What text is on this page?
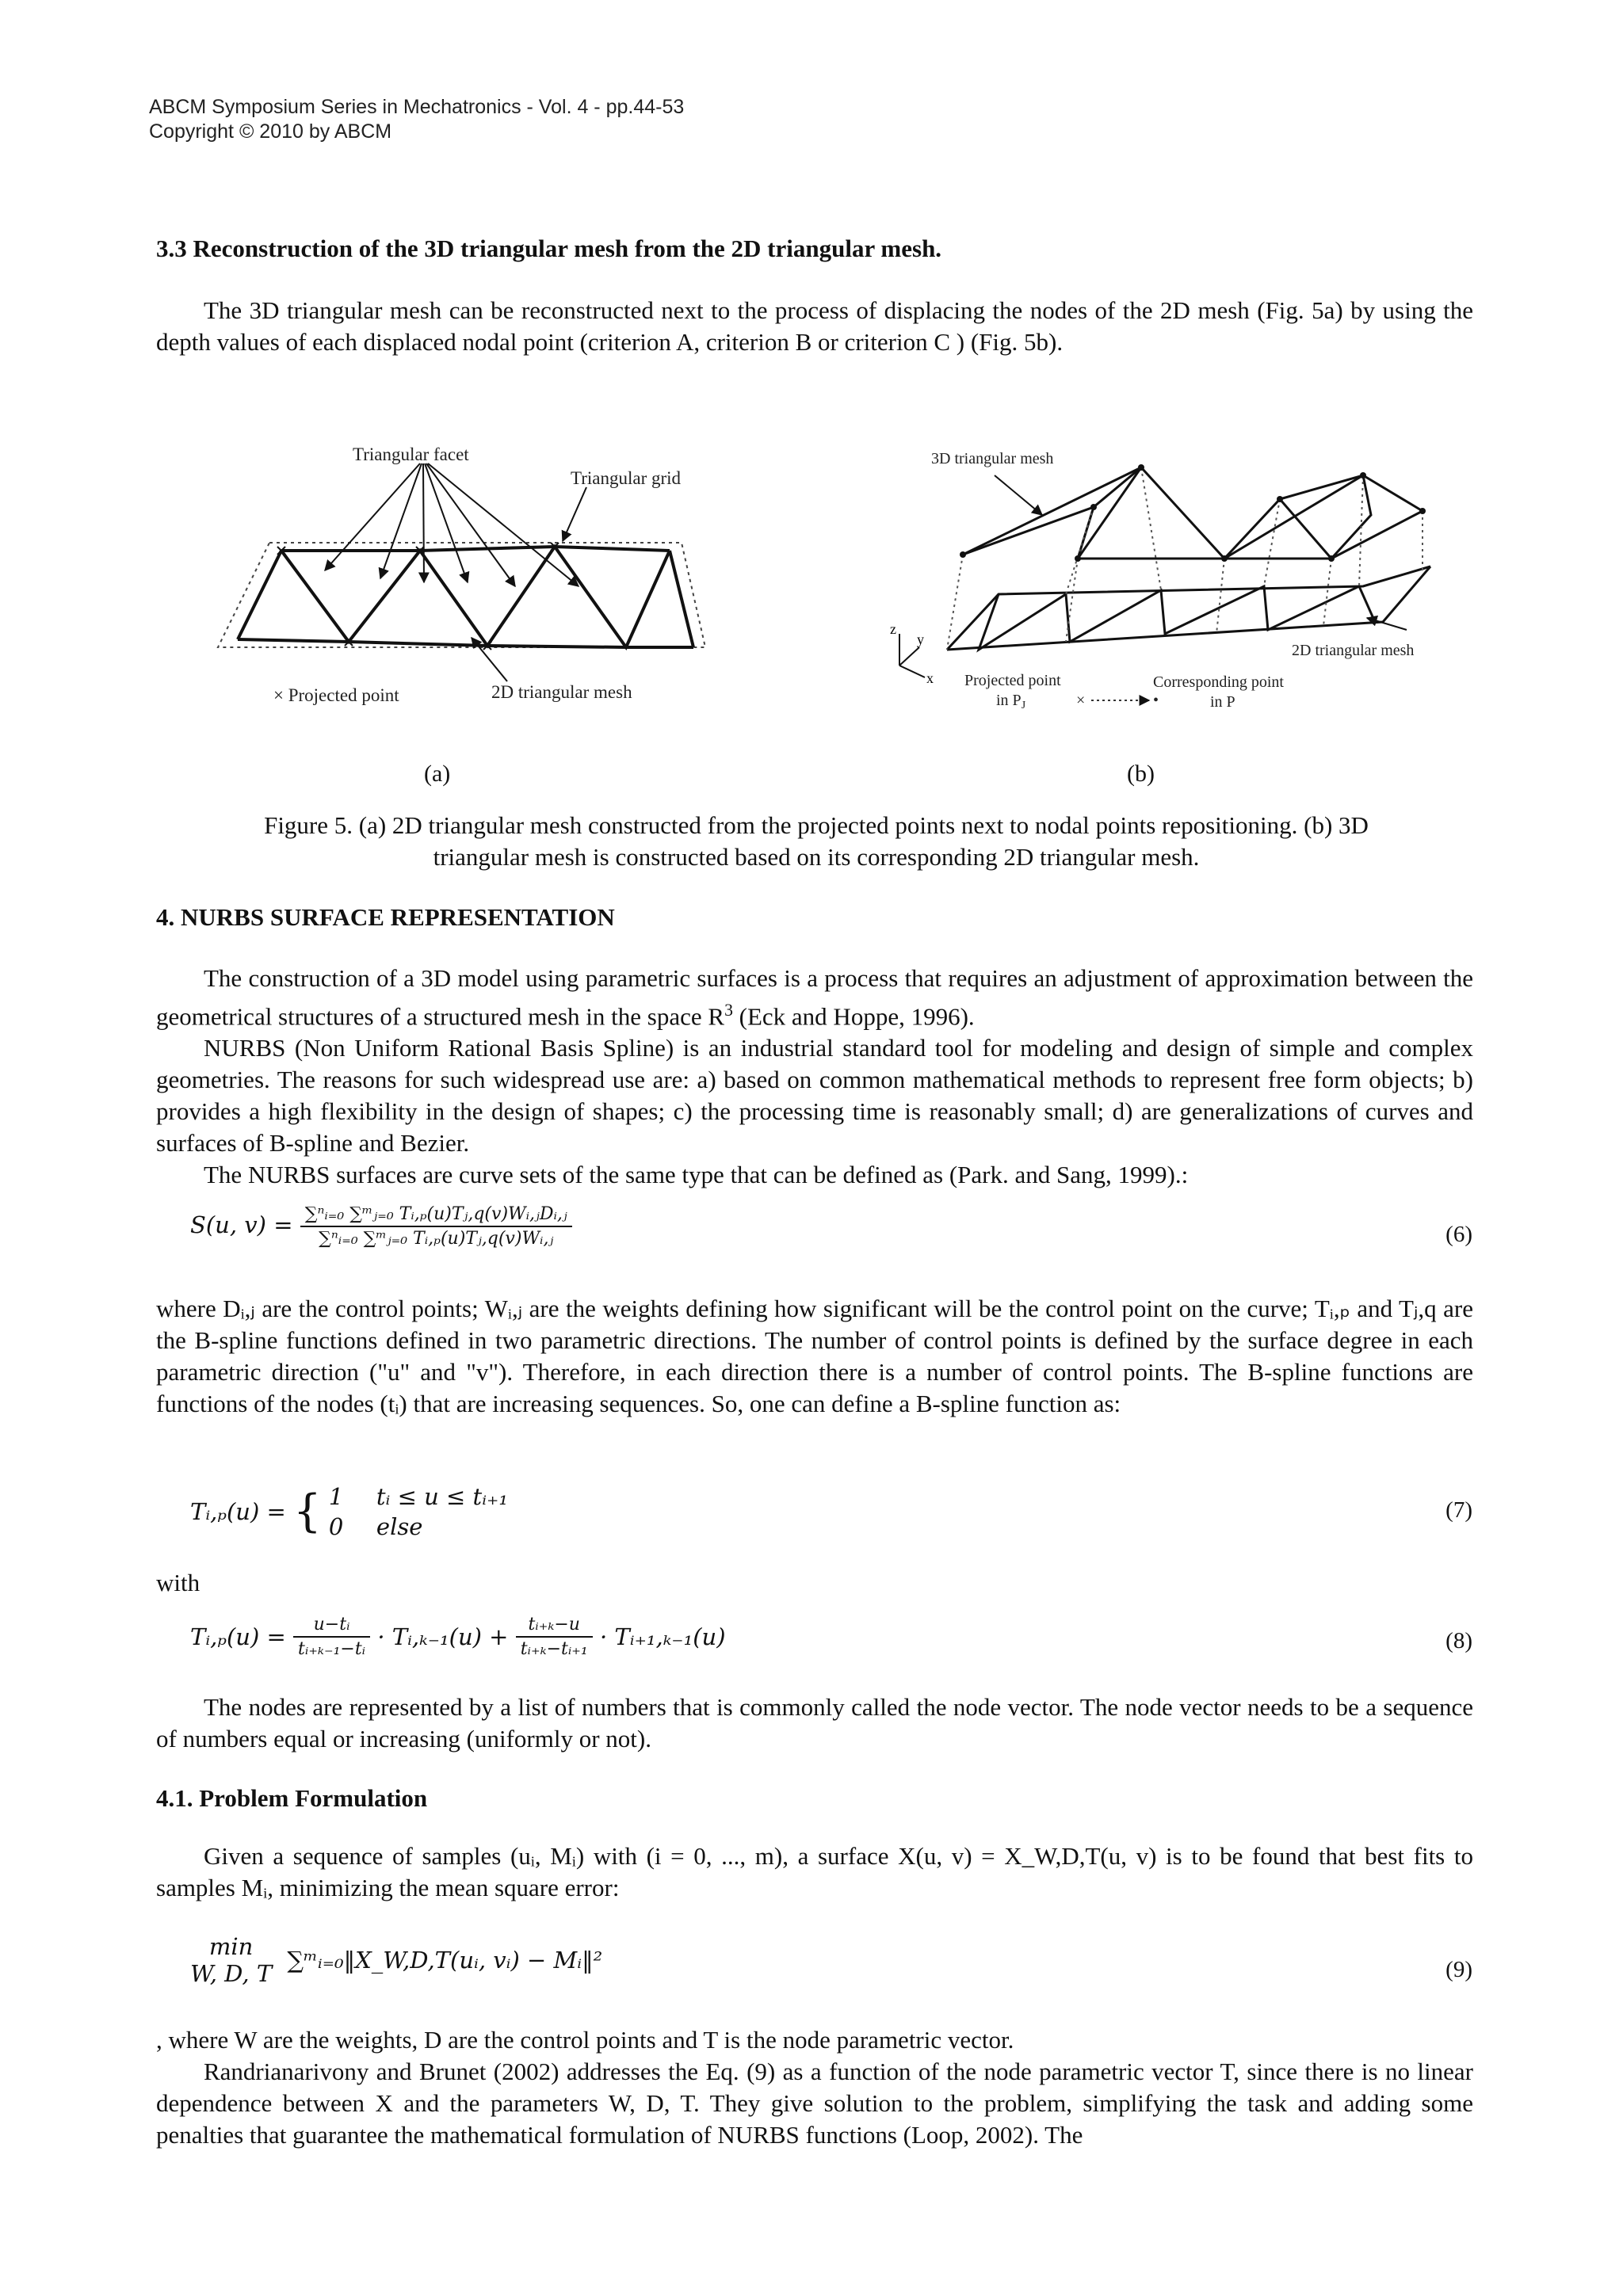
ABCM Symposium Series in Mechatronics - Vol. 4 - pp.44-53
Copyright © 2010 by ABCM
3.3 Reconstruction of the 3D triangular mesh from the 2D triangular mesh.

The 3D triangular mesh can be reconstructed next to the process of displacing the nodes of the 2D mesh (Fig. 5a) by using the depth values of each displaced nodal point (criterion A, criterion B or criterion C ) (Fig. 5b).

Triangular facet
Triangular grid
× Projected point	2D triangular mesh
z
y
x
3D triangular mesh
2D triangular mesh
Projected point
in $P_J$	×	•
Corresponding point
in P
(a)	(b)
Figure 5. (a) 2D triangular mesh constructed from the projected points next to nodal points repositioning. (b) 3D
triangular mesh is constructed based on its corresponding 2D triangular mesh.
4. NURBS SURFACE REPRESENTATION

The construction of a 3D model using parametric surfaces is a process that requires an adjustment of approximation between the geometrical structures of a structured mesh in the space $R^3$ (Eck and Hoppe, 1996).

NURBS (Non Uniform Rational Basis Spline) is an industrial standard tool for modeling and design of simple and complex geometries. The reasons for such widespread use are: a) based on common mathematical methods to represent free form objects; b) provides a high flexibility in the design of shapes; c) the processing time is reasonably small; d) are generalizations of curves and surfaces of B-spline and Bezier.

The NURBS surfaces are curve sets of the same type that can be defined as (Park. and Sang, 1999).:

S(u, $v) = \frac{\text{∑ⁿᵢ₌₀ ∑ᵐⱼ₌₀ Tᵢ,ₚ(u)Tⱼ,q(v)Wᵢ,ⱼDᵢ,ⱼ}}{\text{∑ⁿᵢ₌₀ ∑ᵐⱼ₌₀ Tᵢ,ₚ(u)Tⱼ,q(v)Wᵢ,ⱼ}}$	(6)

where Dᵢ,ⱼ are the control points; Wᵢ,ⱼ are the weights defining how significant will be the control point on the curve; Tᵢ,ₚ and Tⱼ,q are the B-spline functions defined in two parametric directions. The number of control points is defined by the surface degree in each parametric direction ("u" and "v"). Therefore, in each direction there is a number of control points. The B-spline functions are functions of the nodes (tᵢ) that are increasing sequences. So, one can define a B-spline function as:

Tᵢ,ₚ(u) = { 1 tᵢ ≤ u ≤ tᵢ₊₁
0 else
(7)

with

Tᵢ,ₚ(u) = $\frac{\text{u−tᵢ}}{\text{tᵢ₊ₖ₋₁−tᵢ}}$ · Tᵢ,ₖ₋₁(u) + $\frac{\text{tᵢ₊ₖ−u}}{\text{tᵢ₊ₖ−tᵢ₊₁}}$ · Tᵢ₊₁,ₖ₋₁(u)	(8)

The nodes are represented by a list of numbers that is commonly called the node vector. The node vector needs to be a sequence of numbers equal or increasing (uniformly or not).

4.1. Problem Formulation

Given a sequence of samples (uᵢ, Mᵢ) with (i = 0, ..., m), a surface X(u, v) = X_W,D,T(u, v) is to be found that best fits to samples Mᵢ, minimizing the mean square error:

min
W, D, T ∑ᵐᵢ₌₀‖X_W,D,T(uᵢ, vᵢ) − Mᵢ‖²	(9)

, where W are the weights, D are the control points and T is the node parametric vector.

Randrianarivony and Brunet (2002) addresses the Eq. (9) as a function of the node parametric vector T, since there is no linear dependence between X and the parameters W, D, T. They give solution to the problem, simplifying the task and adding some penalties that guarantee the mathematical formulation of NURBS functions (Loop, 2002). The
